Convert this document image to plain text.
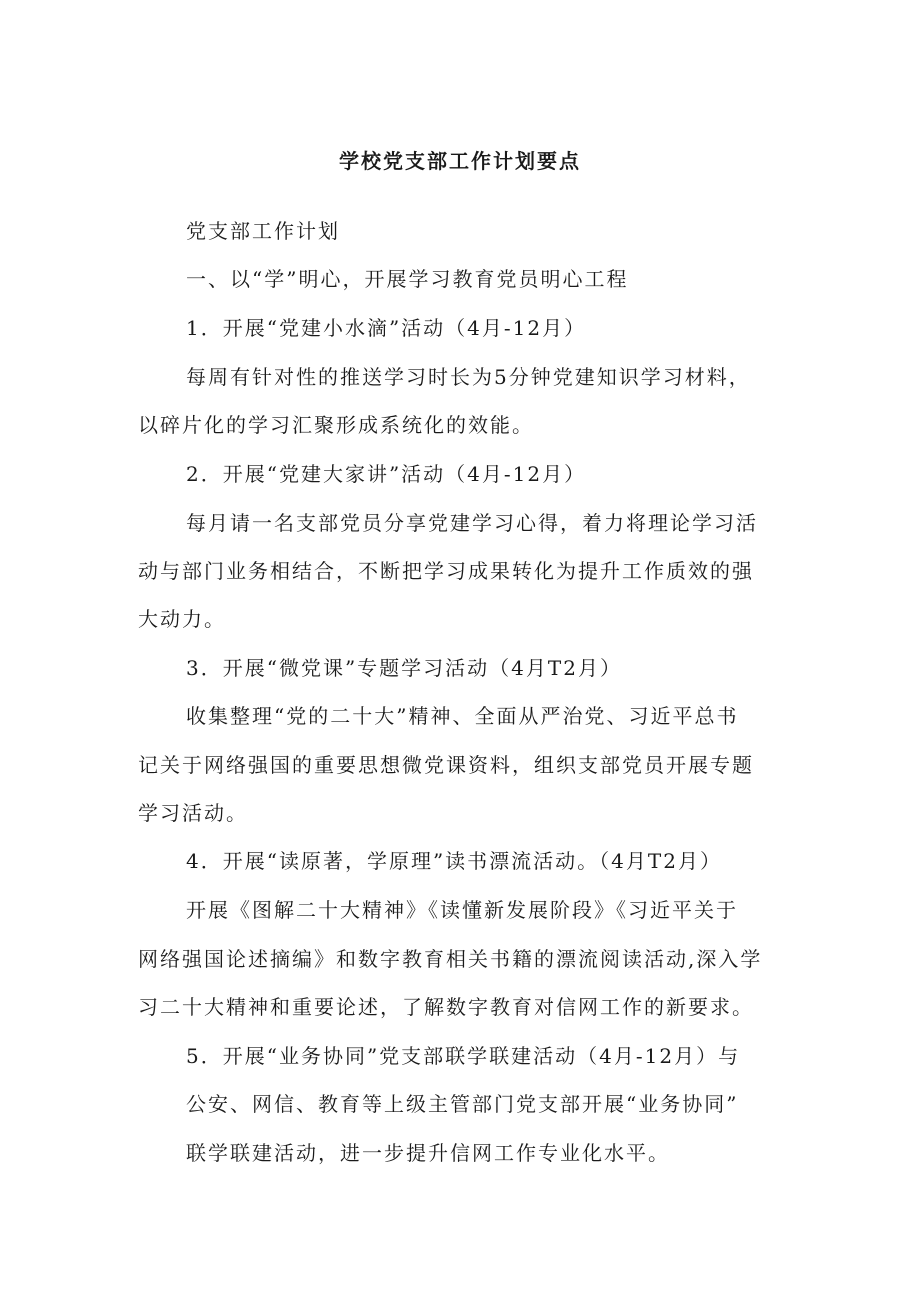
学校党支部工作计划要点

党支部工作计划

一、以“学”明心，开展学习教育党员明心工程

1．开展“党建小水滴”活动（4月-12月）

每周有针对性的推送学习时长为5分钟党建知识学习材料，

以碎片化的学习汇聚形成系统化的效能。

2．开展“党建大家讲”活动（4月-12月）

每月请一名支部党员分享党建学习心得，着力将理论学习活

动与部门业务相结合，不断把学习成果转化为提升工作质效的强

大动力。

3．开展“微党课”专题学习活动（4月T2月）

收集整理“党的二十大”精神、全面从严治党、习近平总书

记关于网络强国的重要思想微党课资料，组织支部党员开展专题

学习活动。

4．开展“读原著，学原理”读书漂流活动。（4月T2月）

开展《图解二十大精神》《读懂新发展阶段》《习近平关于

网络强国论述摘编》和数字教育相关书籍的漂流阅读活动,深入学

习二十大精神和重要论述，了解数字教育对信网工作的新要求。

5．开展“业务协同”党支部联学联建活动（4月-12月）与

公安、网信、教育等上级主管部门党支部开展“业务协同”

联学联建活动，进一步提升信网工作专业化水平。
